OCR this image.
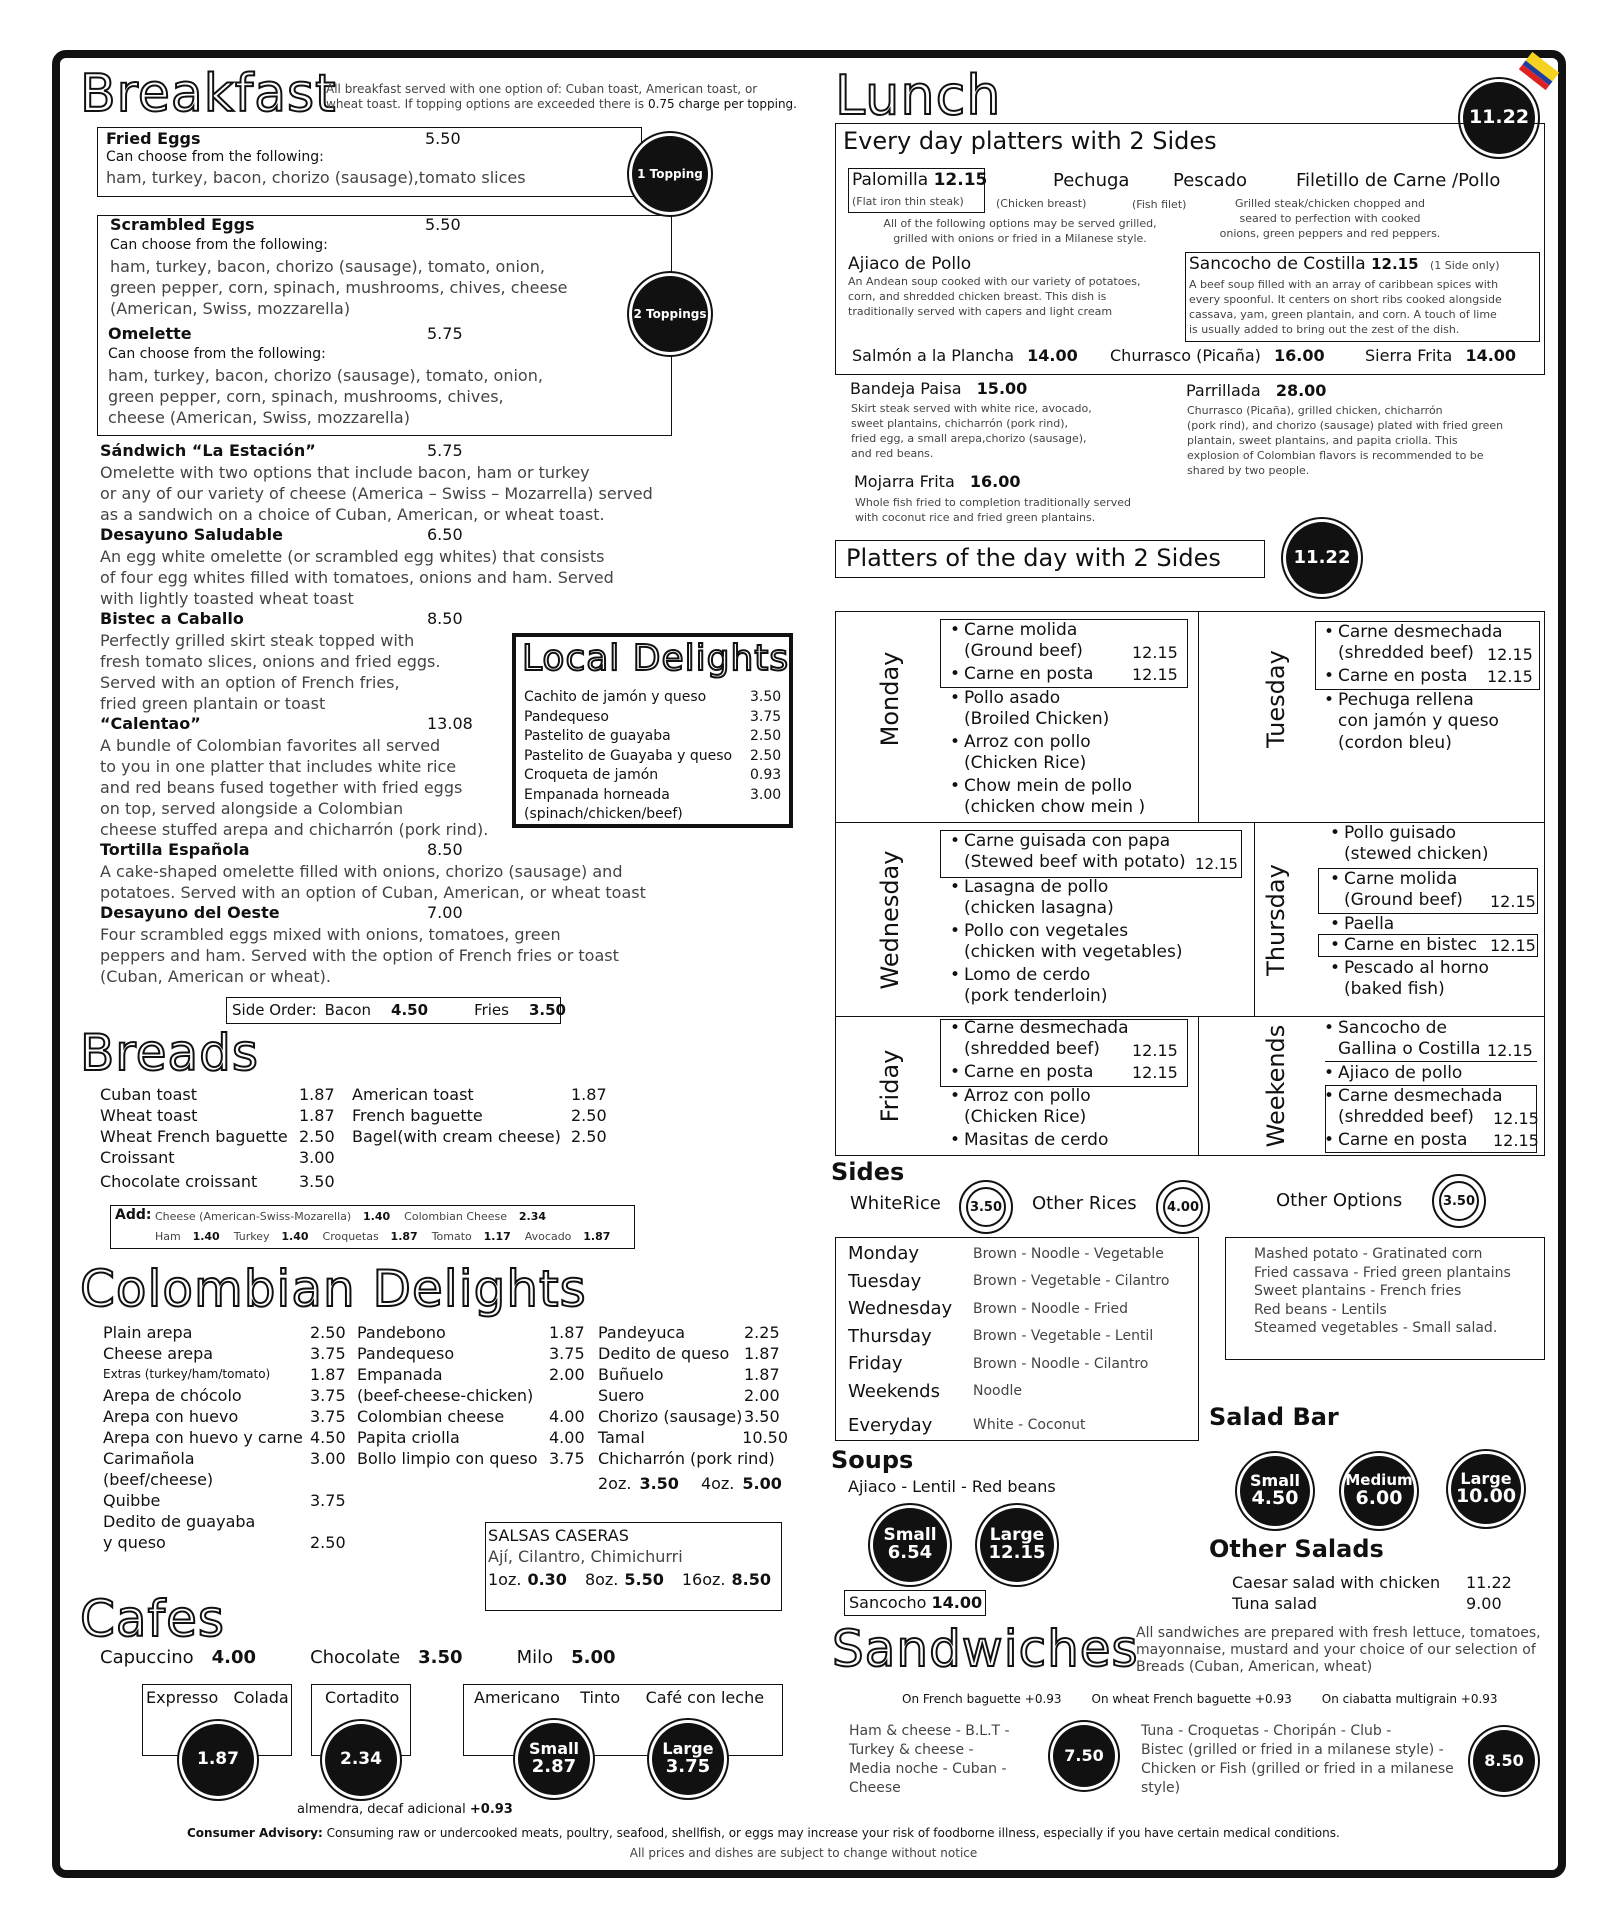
Breakfast
All breakfast served with one option of: Cuban toast, American toast, or
wheat toast. If topping options are exceeded there is 0.75 charge per topping.
Fried Eggs	5.50
Can choose from the following:
ham, turkey, bacon, chorizo (sausage),tomato slices	1 Topping
Scrambled Eggs	5.50
Can choose from the following:
ham, turkey, bacon, chorizo (sausage), tomato, onion,
green pepper, corn, spinach, mushrooms, chives, cheese
(American, Swiss, mozzarella)
Omelette	5.75
Can choose from the following:
ham, turkey, bacon, chorizo (sausage), tomato, onion,
green pepper, corn, spinach, mushrooms, chives,
cheese (American, Swiss, mozzarella)
2 Toppings
Sándwich “La Estación”	5.75
Omelette with two options that include bacon, ham or turkey
or any of our variety of cheese (America – Swiss – Mozarrella) served
as a sandwich on a choice of Cuban, American, or wheat toast.
Desayuno Saludable	6.50
An egg white omelette (or scrambled egg whites) that consists
of four egg whites filled with tomatoes, onions and ham. Served
with lightly toasted wheat toast
Bistec a Caballo	8.50
Perfectly grilled skirt steak topped with
fresh tomato slices, onions and fried eggs.
Served with an option of French fries,
fried green plantain or toast
“Calentao”	13.08
A bundle of Colombian favorites all served
to you in one platter that includes white rice
and red beans fused together with fried eggs
on top, served alongside a Colombian
cheese stuffed arepa and chicharrón (pork rind).
Tortilla Española	8.50
A cake-shaped omelette filled with onions, chorizo (sausage) and
potatoes. Served with an option of Cuban, American, or wheat toast
Desayuno del Oeste	7.00
Four scrambled eggs mixed with onions, tomatoes, green
peppers and ham. Served with the option of French fries or toast
(Cuban, American or wheat).
Side Order: Bacon 4.50	Fries 3.50
Local Delights
Cachito de jamón y queso	3.50
Pandequeso	3.75
Pastelito de guayaba	2.50
Pastelito de Guayaba y queso 2.50
Croqueta de jamón	0.93
Empanada horneada	3.00
(spinach/chicken/beef)
Breads
Cuban toast	1.87
Wheat toast	1.87
Wheat French baguette 2.50
Croissant	3.00
Chocolate croissant	3.50
American toast	1.87
French baguette	2.50
Bagel(with cream cheese) 2.50
Add: Cheese (American-Swiss-Mozarella) 1.40 Colombian Cheese 2.34
Ham 1.40 Turkey 1.40 Croquetas 1.87 Tomato 1.17 Avocado 1.87
Colombian Delights
Plain arepa	2.50
Cheese arepa	3.75
Extras (turkey/ham/tomato) 1.87
Arepa de chócolo	3.75
Arepa con huevo	3.75
Arepa con huevo y carne 4.50
Carimañola	3.00
(beef/cheese)
Quibbe	3.75
Dedito de guayaba
y queso	2.50
Pandebono	1.87
Pandequeso	3.75
Empanada	2.00
(beef-cheese-chicken)
Colombian cheese	4.00
Papita criolla	4.00
Bollo limpio con queso 3.75
Pandeyuca	2.25
Dedito de queso 1.87
Buñuelo	1.87
Suero	2.00
Chorizo (sausage) 3.50
Tamal	10.50
Chicharrón (pork rind)
2oz. 3.50 4oz. 5.00
SALSAS CASERAS
Ají, Cilantro, Chimichurri
1oz. 0.30 8oz. 5.50 16oz. 8.50
Cafes
Capuccino 4.00	Chocolate 3.50	Milo 5.00
Expresso   Colada
1.87
Cortadito
2.34
Americano    Tinto     Café con leche
Small
2.87
Large
3.75
almendra, decaf adicional +0.93
Lunch	11.22
Every day platters with 2 Sides
Palomilla 12.15
(Flat iron thin steak)
Pechuga
(Chicken breast)
Pescado
(Fish filet)
Filetillo de Carne /Pollo
Grilled steak/chicken chopped and
seared to perfection with cooked
onions, green peppers and red peppers.
All of the following options may be served grilled,
grilled with onions or fried in a Milanese style.
Ajiaco de Pollo
An Andean soup cooked with our variety of potatoes,
corn, and shredded chicken breast. This dish is
traditionally served with capers and light cream
Sancocho de Costilla 12.15 (1 Side only)
A beef soup filled with an array of caribbean spices with
every spoonful. It centers on short ribs cooked alongside
cassava, yam, green plantain, and corn. A touch of lime
is usually added to bring out the zest of the dish.
Salmón a la Plancha 14.00 Churrasco (Picaña) 16.00	Sierra Frita 14.00
Bandeja Paisa 15.00
Skirt steak served with white rice, avocado,
sweet plantains, chicharrón (pork rind),
fried egg, a small arepa,chorizo (sausage),
and red beans.
Parrillada 28.00
Churrasco (Picaña), grilled chicken, chicharrón
(pork rind), and chorizo (sausage) plated with fried green
plantain, sweet plantains, and papita criolla. This
explosion of Colombian flavors is recommended to be
shared by two people.
Mojarra Frita 16.00
Whole fish fried to completion traditionally served
with coconut rice and fried green plantains.
Platters of the day with 2 Sides	11.22
Monday
• Carne molida
(Ground beef)	12.15
• Carne en posta 12.15
• Pollo asado
(Broiled Chicken)
• Arroz con pollo
(Chicken Rice)
• Chow mein de pollo
(chicken chow mein )
Tuesday
• Carne desmechada
(shredded beef) 12.15
• Carne en posta 12.15
• Pechuga rellena
con jamón y queso
(cordon bleu)
Wednesday
• Carne guisada con papa
(Stewed beef with potato) 12.15
• Lasagna de pollo
(chicken lasagna)
• Pollo con vegetales
(chicken with vegetables)
• Lomo de cerdo
(pork tenderloin)
Thursday
• Pollo guisado
(stewed chicken)
• Carne molida
(Ground beef) 12.15
• Paella
• Carne en bistec 12.15
• Pescado al horno
(baked fish)
Friday
• Carne desmechada
(shredded beef) 12.15
• Carne en posta 12.15
• Arroz con pollo
(Chicken Rice)
• Masitas de cerdo	Weekends
•	Sancocho de
Gallina o Costilla 12.15
• Ajiaco de pollo
• Carne desmechada
(shredded beef) 12.15
• Carne en posta 12.15
Sides
WhiteRice	3.50 Other Rices	4.00	Other Options	3.50
Monday	Brown - Noodle - Vegetable
Tuesday	Brown - Vegetable - Cilantro
Wednesday	Brown - Noodle - Fried
Thursday	Brown - Vegetable - Lentil
Friday	Brown - Noodle - Cilantro
Weekends	Noodle
Everyday	White - Coconut
Mashed potato - Gratinated corn
Fried cassava - Fried green plantains
Sweet plantains - French fries
Red beans - Lentils
Steamed vegetables - Small salad.
Soups
Ajiaco - Lentil - Red beans
Small
6.54
Large
12.15
Sancocho 14.00
Salad Bar
Small
4.50
Medium
6.00
Large
10.00
Other Salads
Caesar salad with chicken 11.22
Tuna salad	9.00
Sandwiches
All sandwiches are prepared with fresh lettuce, tomatoes,
mayonnaise, mustard and your choice of our selection of
Breads (Cuban, American, wheat)
On French baguette +0.93	On wheat French baguette +0.93	On ciabatta multigrain +0.93
Ham & cheese - B.L.T -
Turkey & cheese -
Media noche - Cuban -
Cheese
7.50
Tuna - Croquetas - Choripán - Club -
Bistec (grilled or fried in a milanese style) -
Chicken or Fish (grilled or fried in a milanese
style)
8.50
Consumer Advisory: Consuming raw or undercooked meats, poultry, seafood, shellfish, or eggs may increase your risk of foodborne illness, especially if you have certain medical conditions.
All prices and dishes are subject to change without notice
